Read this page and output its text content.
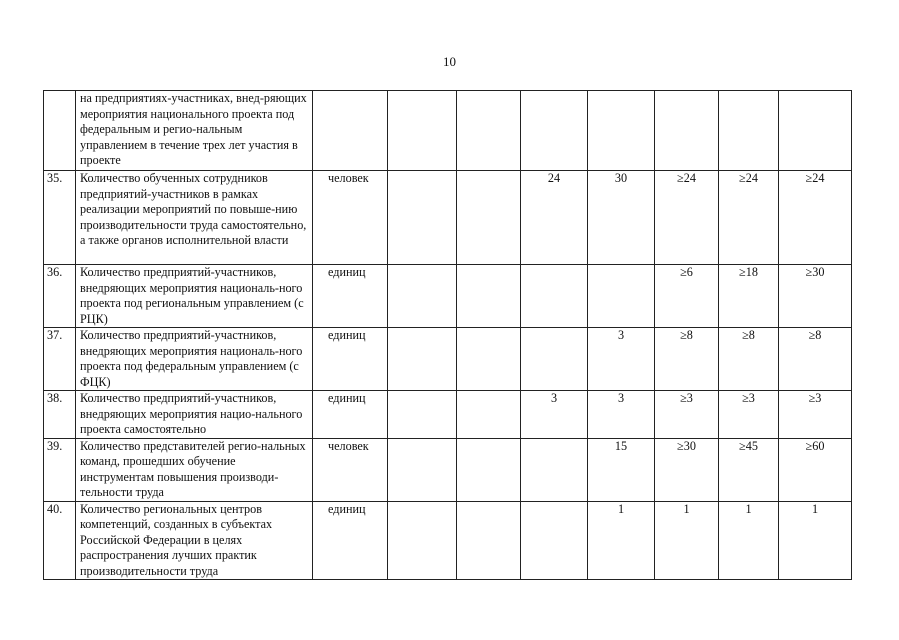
10
	на предприятиях-участниках, внед-ряющих мероприятия национального проекта под федеральным и регио-нальным управлением в течение трех лет участия в проекте								
35.	Количество обученных сотрудников предприятий-участников в рамках реализации мероприятий по повыше-нию производительности труда самостоятельно, а также органов исполнительной власти	человек			24	30	≥24	≥24	≥24
36.	Количество предприятий-участников, внедряющих мероприятия националь-ного проекта под региональным управлением (с РЦК)	единиц					≥6	≥18	≥30
37.	Количество предприятий-участников, внедряющих мероприятия националь-ного проекта под федеральным управлением (с ФЦК)	единиц				3	≥8	≥8	≥8
38.	Количество предприятий-участников, внедряющих мероприятия нацио-нального проекта самостоятельно	единиц			3	3	≥3	≥3	≥3
39.	Количество представителей регио-нальных команд, прошедших обучение инструментам повышения производи-тельности труда	человек				15	≥30	≥45	≥60
40.	Количество региональных центров компетенций, созданных в субъектах Российской Федерации в целях распространения лучших практик производительности труда	единиц				1	1	1	1
